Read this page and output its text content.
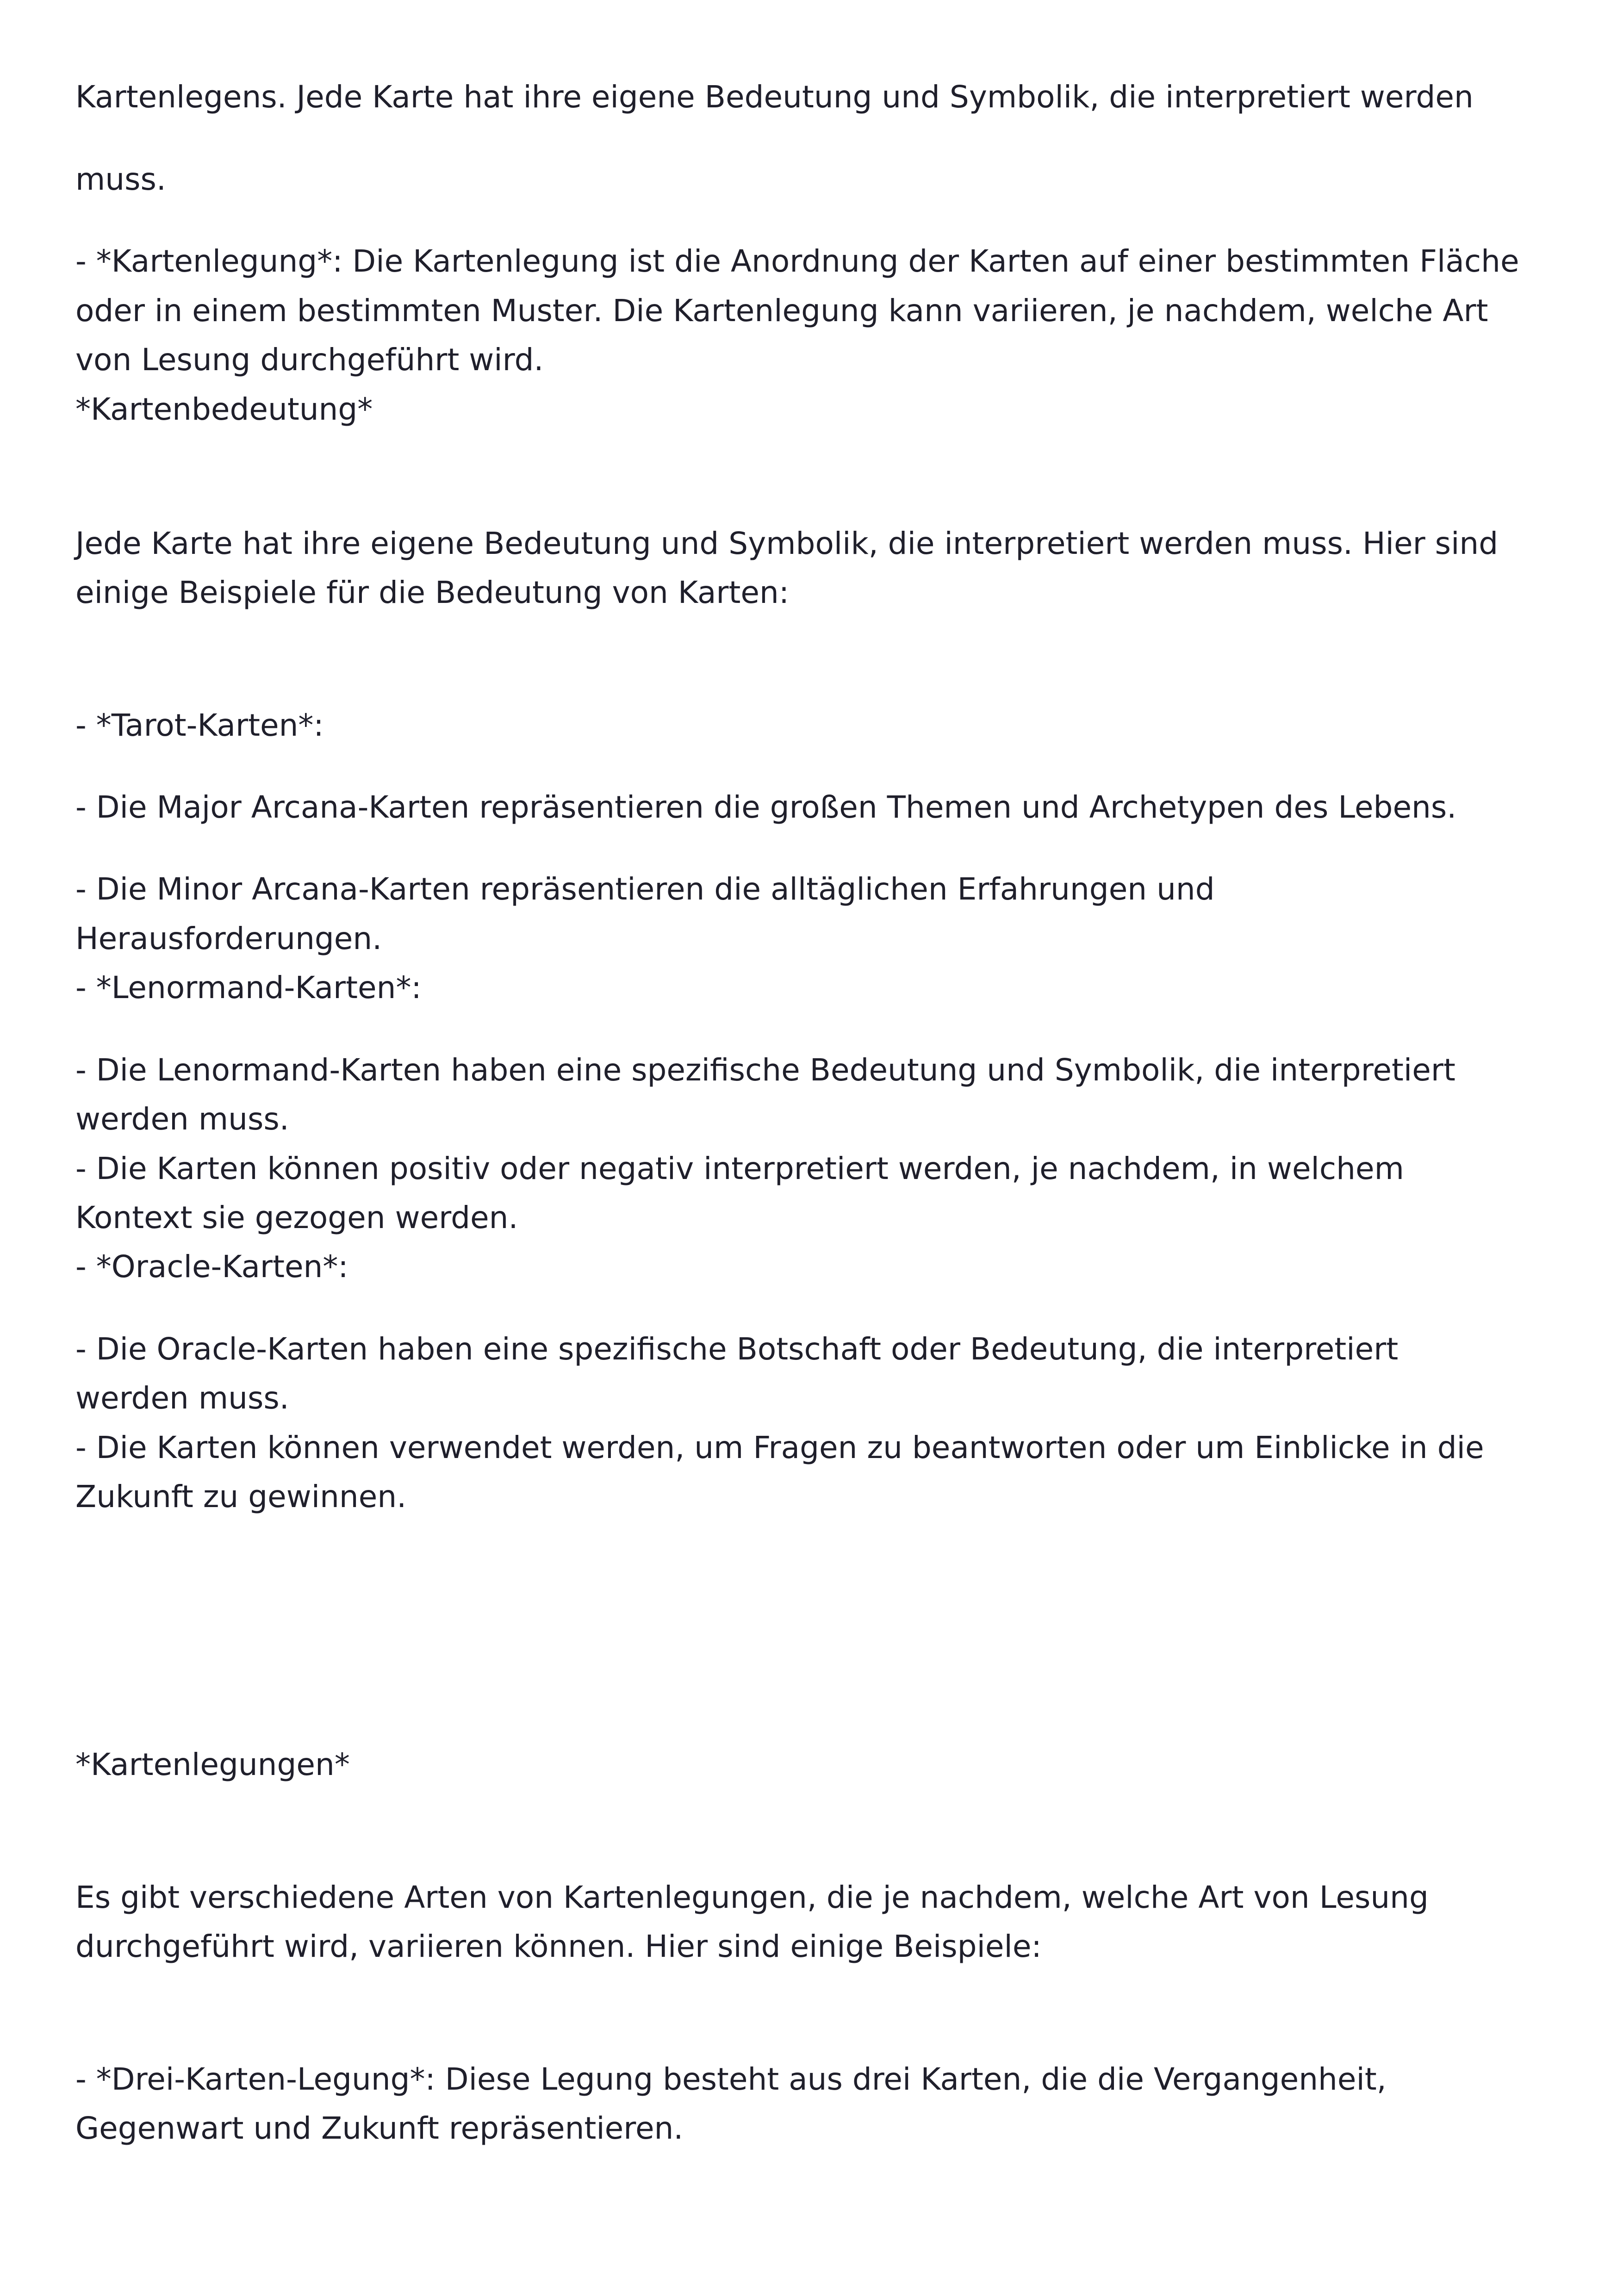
Kartenlegens. Jede Karte hat ihre eigene Bedeutung und Symbolik, die interpretiert werden

muss.

- *Kartenlegung*: Die Kartenlegung ist die Anordnung der Karten auf einer bestimmten Fläche

oder in einem bestimmten Muster. Die Kartenlegung kann variieren, je nachdem, welche Art

von Lesung durchgeführt wird.

*Kartenbedeutung*

Jede Karte hat ihre eigene Bedeutung und Symbolik, die interpretiert werden muss. Hier sind

einige Beispiele für die Bedeutung von Karten:

- *Tarot-Karten*:

- Die Major Arcana-Karten repräsentieren die großen Themen und Archetypen des Lebens.

- Die Minor Arcana-Karten repräsentieren die alltäglichen Erfahrungen und

Herausforderungen.

- *Lenormand-Karten*:

- Die Lenormand-Karten haben eine spezifische Bedeutung und Symbolik, die interpretiert

werden muss.

- Die Karten können positiv oder negativ interpretiert werden, je nachdem, in welchem

Kontext sie gezogen werden.

- *Oracle-Karten*:

- Die Oracle-Karten haben eine spezifische Botschaft oder Bedeutung, die interpretiert

werden muss.

- Die Karten können verwendet werden, um Fragen zu beantworten oder um Einblicke in die

Zukunft zu gewinnen.

*Kartenlegungen*

Es gibt verschiedene Arten von Kartenlegungen, die je nachdem, welche Art von Lesung

durchgeführt wird, variieren können. Hier sind einige Beispiele:

- *Drei-Karten-Legung*: Diese Legung besteht aus drei Karten, die die Vergangenheit,

Gegenwart und Zukunft repräsentieren.
